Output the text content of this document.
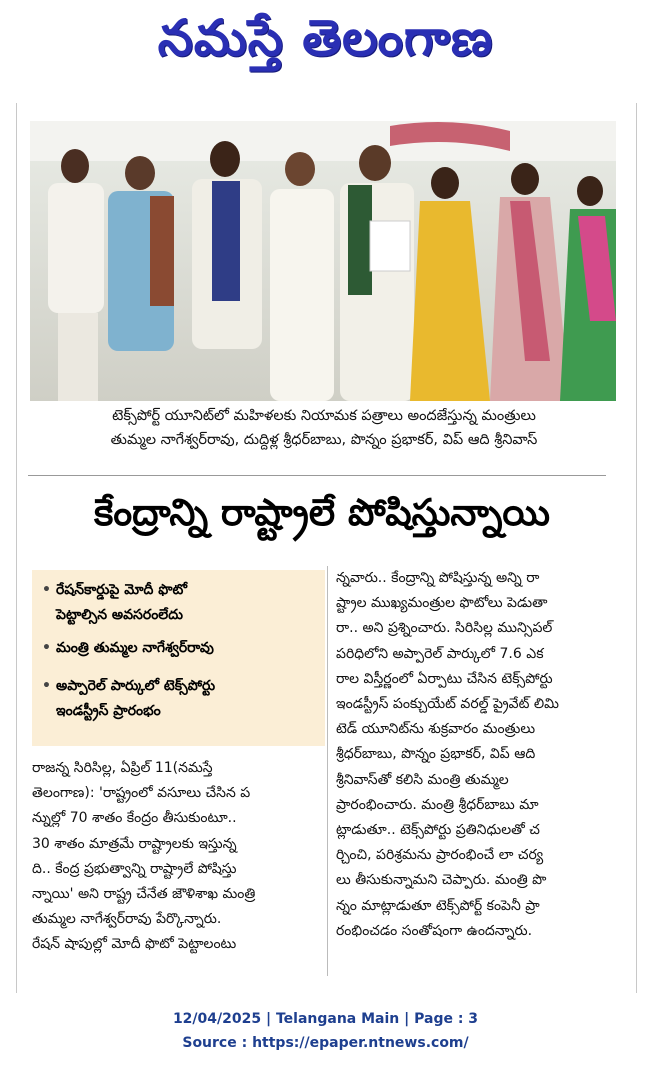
నమస్తే తెలంగాణ
టెక్స్‌పోర్ట్ యూనిట్‌లో మహిళలకు నియామక పత్రాలు అందజేస్తున్న మంత్రులు
తుమ్మల నాగేశ్వర్‌రావు, దుద్దిళ్ల శ్రీధర్‌బాబు, పొన్నం ప్రభాకర్, విప్ ఆది శ్రీనివాస్
కేంద్రాన్ని రాష్ట్రాలే పోషిస్తున్నాయి
• రేషన్‌కార్డుపై మోదీ ఫొటో
పెట్టాల్సిన అవసరంలేదు
• మంత్రి తుమ్మల నాగేశ్వర్‌రావు
• అప్పారెల్ పార్కులో టెక్స్‌పోర్టు
ఇండస్ట్రీస్ ప్రారంభం
రాజన్న సిరిసిల్ల, ఏప్రిల్ 11(నమస్తే
తెలంగాణ): 'రాష్ట్రంలో వసూలు చేసిన ప
న్నుల్లో 70 శాతం కేంద్రం తీసుకుంటూ..
30 శాతం మాత్రమే రాష్ట్రాలకు ఇస్తున్న
ది.. కేంద్ర ప్రభుత్వాన్ని రాష్ట్రాలే పోషిస్తు
న్నాయి' అని రాష్ట్ర చేనేత జౌళిశాఖ మంత్రి
తుమ్మల నాగేశ్వర్‌రావు పేర్కొన్నారు.
రేషన్ షాపుల్లో మోదీ ఫొటో పెట్టాలంటు
న్నవారు.. కేంద్రాన్ని పోషిస్తున్న అన్ని రా
ష్ట్రాల ముఖ్యమంత్రుల ఫొటోలు పెడుతా
రా.. అని ప్రశ్నించారు. సిరిసిల్ల మున్సిపల్
పరిధిలోని అప్పారెల్ పార్కులో 7.6 ఎక
రాల విస్తీర్ణంలో ఏర్పాటు చేసిన టెక్స్‌పోర్టు
ఇండస్ట్రీస్ పంక్చుయేట్ వరల్డ్ ప్రైవేట్ లిమి
టెడ్ యూనిట్‌ను శుక్రవారం మంత్రులు
శ్రీధర్‌బాబు, పొన్నం ప్రభాకర్, విప్ ఆది
శ్రీనివాస్‌తో కలిసి మంత్రి తుమ్మల
ప్రారంభించారు. మంత్రి శ్రీధర్‌బాబు మా
ట్లాడుతూ.. టెక్స్‌పోర్టు ప్రతినిధులతో చ
ర్చించి, పరిశ్రమను ప్రారంభించే లా చర్య
లు తీసుకున్నామని చెప్పారు. మంత్రి పొ
న్నం మాట్లాడుతూ టెక్స్‌పోర్ట్ కంపెనీ ప్రా
రంభించడం సంతోషంగా ఉందన్నారు.
12/04/2025 | Telangana Main | Page : 3
Source : https://epaper.ntnews.com/
